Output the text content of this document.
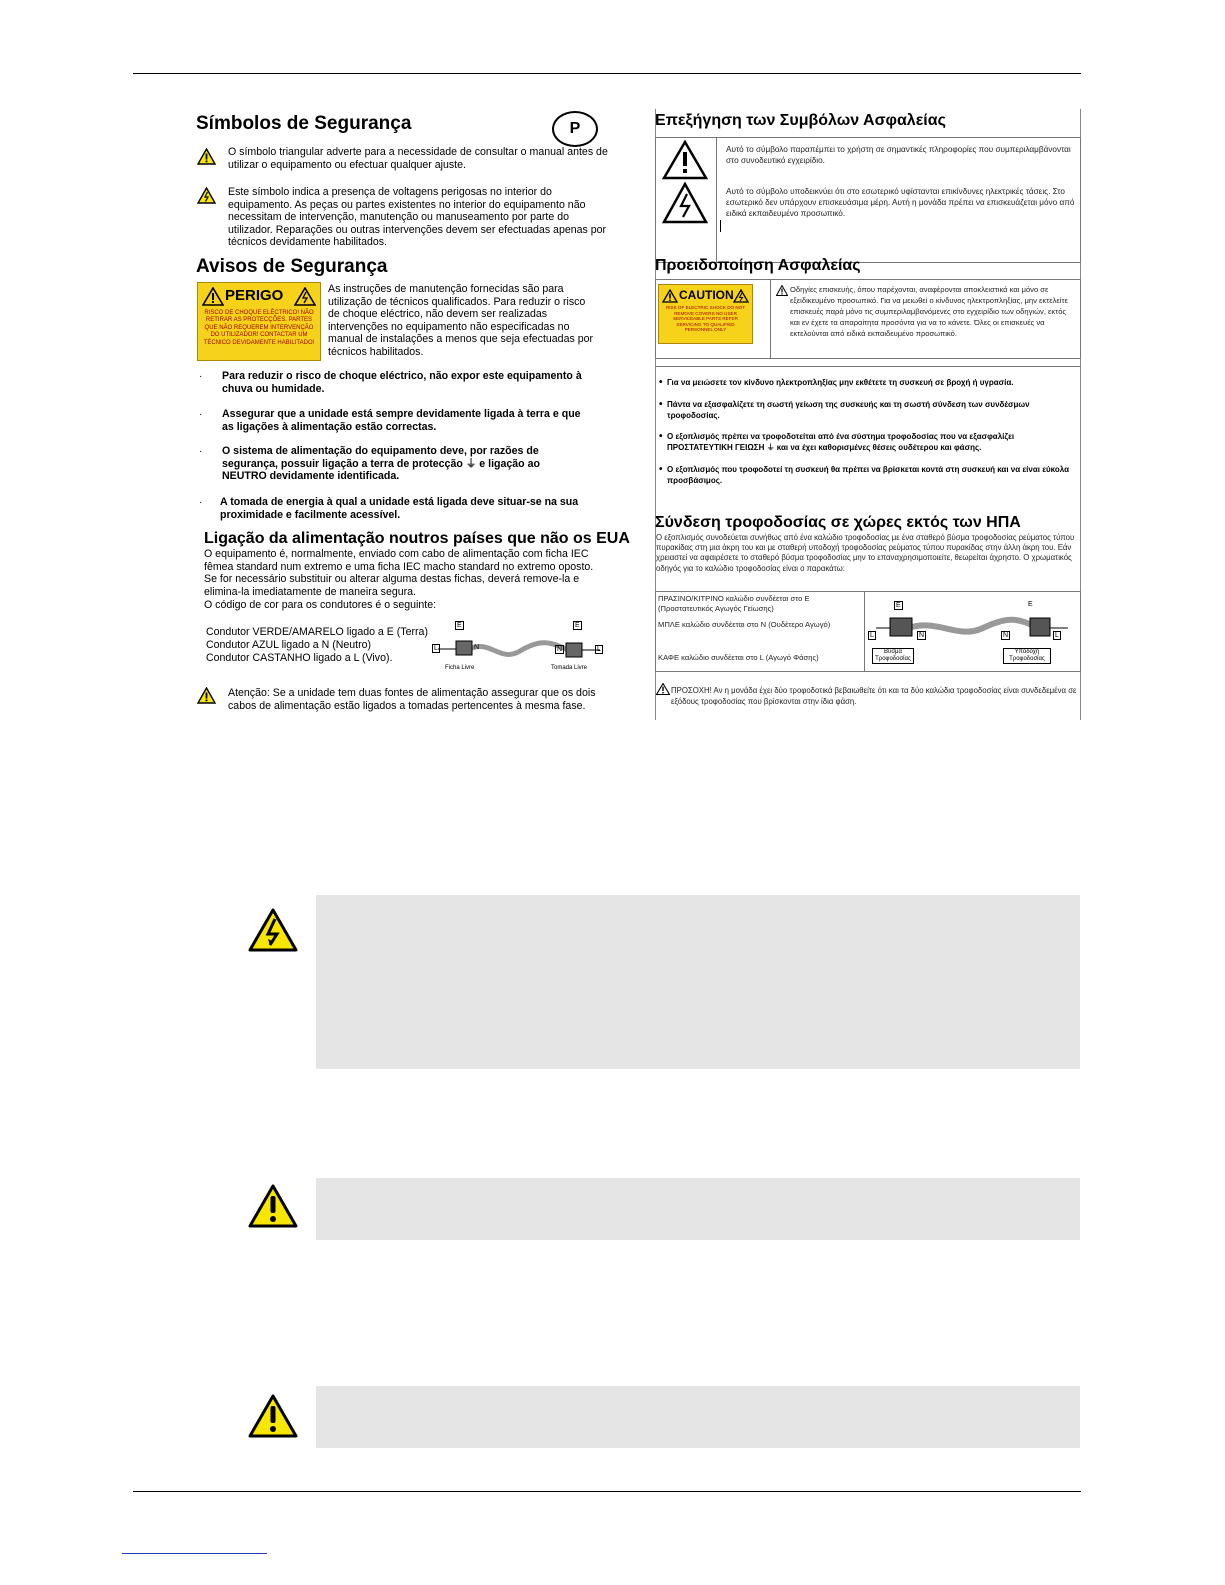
Símbolos de Segurança	P
O símbolo triangular adverte para a necessidade de consultar o manual antes de utilizar o equipamento ou efectuar qualquer ajuste.
Este símbolo indica a presença de voltagens perigosas no interior do equipamento. As peças ou partes existentes no interior do equipamento não necessitam de intervenção, manutenção ou manuseamento por parte do utilizador. Reparações ou outras intervenções devem ser efectuadas apenas por técnicos devidamente habilitados.
Avisos de Segurança
PERIGO
RISCO DE CHOQUE ELÉCTRICO! NÃO RETIRAR AS PROTECÇÕES. PARTES QUE NÃO REQUEREM INTERVENÇÃO DO UTILIZADOR! CONTACTAR UM TÉCNICO DEVIDAMENTE HABILITADO!
As instruções de manutenção fornecidas são para utilização de técnicos qualificados. Para reduzir o risco de choque eléctrico, não devem ser realizadas intervenções no equipamento não especificadas no manual de instalações a menos que seja efectuadas por técnicos habilitados.
· Para reduzir o risco de choque eléctrico, não expor este equipamento à chuva ou humidade.
· Assegurar que a unidade está sempre devidamente ligada à terra e que as ligações à alimentação estão correctas.
· O sistema de alimentação do equipamento deve, por razões de segurança, possuir ligação a terra de protecção ⏚ e ligação ao NEUTRO devidamente identificada.
· A tomada de energia à qual a unidade está ligada deve situar-se na sua proximidade e facilmente acessível.
Ligação da alimentação noutros países que não os EUA
O equipamento é, normalmente, enviado com cabo de alimentação com ficha IEC fêmea standard num extremo e uma ficha IEC macho standard no extremo oposto. Se for necessário substituir ou alterar alguma destas fichas, deverá remove-la e elimina-la imediatamente de maneira segura.
O código de cor para os condutores é o seguinte:
Condutor VERDE/AMARELO ligado a E (Terra)
Condutor AZUL ligado a N (Neutro)
Condutor CASTANHO ligado a L (Vivo).
E	E
L	N	N	L
Ficha Livre	Tomada Livre
Atenção: Se a unidade tem duas fontes de alimentação assegurar que os dois cabos de alimentação estão ligados a tomadas pertencentes à mesma fase.
Επεξήγηση των Συμβόλων Ασφαλείας
Αυτό το σύμβολο παραπέμπει το χρήστη σε σημαντικές πληροφορίες που συμπεριλαμβάνονται στο συνοδευτικό εγχειρίδιο.
Αυτό το σύμβολο υποδεικνύει ότι στο εσωτερικό υφίστανται επικίνδυνες ηλεκτρικές τάσεις. Στο εσωτερικό δεν υπάρχουν επισκευάσιμα μέρη. Αυτή η μονάδα πρέπει να επισκευάζεται μόνο από ειδικά εκπαιδευμένο προσωπικό.
Προειδοποίηση Ασφαλείας
CAUTION
RISK OF ELECTRIC SHOCK DO NOT REMOVE COVERS NO USER SERVICEABLE PARTS REFER SERVICING TO QUALIFIED PERSONNEL ONLY
Οδηγίες επισκευής, όπου παρέχονται, αναφέρονται αποκλειστικά και μόνο σε εξειδικευμένο προσωπικό. Για να μειωθεί ο κίνδυνος ηλεκτροπληξίας, μην εκτελείτε επισκευές παρά μόνο τις συμπεριλαμβανόμενες στο εγχειρίδιο των οδηγιών, εκτός και εν έχετε τα απαραίτητα προσόντα για να το κάνετε. Όλες οι επισκευές να εκτελούνται από ειδικά εκπαιδευμένο προσωπικό.
• Για να μειώσετε τον κίνδυνο ηλεκτροπληξίας μην εκθέτετε τη συσκευή σε βροχή ή υγρασία.
• Πάντα να εξασφαλίζετε τη σωστή γείωση της συσκευής και τη σωστή σύνδεση των συνδέσμων τροφοδοσίας.
• Ο εξοπλισμός πρέπει να τροφοδοτείται από ένα σύστημα τροφοδοσίας που να εξασφαλίζει ΠΡΟΣΤΑΤΕΥΤΙΚΗ ΓΕΙΩΣΗ ⏚ και να έχει καθορισμένες θέσεις ουδέτερου και φάσης.
• Ο εξοπλισμός που τροφοδοτεί τη συσκευή θα πρέπει να βρίσκεται κοντά στη συσκευή και να είναι εύκολα προσβάσιμος.
Σύνδεση τροφοδοσίας σε χώρες εκτός των ΗΠΑ
Ο εξοπλισμός συνοδεύεται συνήθως από ένα καλώδιο τροφοδοσίας με ένα σταθερό βύσμα τροφοδοσίας ρεύματος τύπου πυρακίδας στη μια άκρη του και με σταθερή υποδοχή τροφοδοσίας ρεύματος τύπου πυρακίδας στην άλλη άκρη του. Εάν χρειαστεί να αφαιρέσετε το σταθερό βύσμα τροφοδοσίας μην το επαναχρησιμοποιείτε, θεωρείται άχρηστο. Ο χρωματικός οδηγός για το καλώδιο τροφοδοσίας είναι ο παρακάτω:
ΠΡΑΣΙΝΟ/ΚΙΤΡΙΝΟ καλώδιο συνδέεται στο Ε (Προστατευτικός Αγωγός Γείωσης)
ΜΠΛΕ καλώδιο συνδέεται στο Ν (Ουδέτερο Αγωγό)
ΚΑΦΕ καλώδιο συνδέεται στο L (Αγωγό Φάσης)
E	E
L	N	N	L
Βύσμα Τροφοδοσίας
Υποδοχή Τροφοδοσίας
ΠΡΟΣΟΧΗ! Αν η μονάδα έχει δύο τροφοδοτικά βεβαιωθείτε ότι και τα δύο καλώδια τροφοδοσίας είναι συνδεδεμένα σε εξόδους τροφοδοσίας που βρίσκονται στην ίδια φάση.
